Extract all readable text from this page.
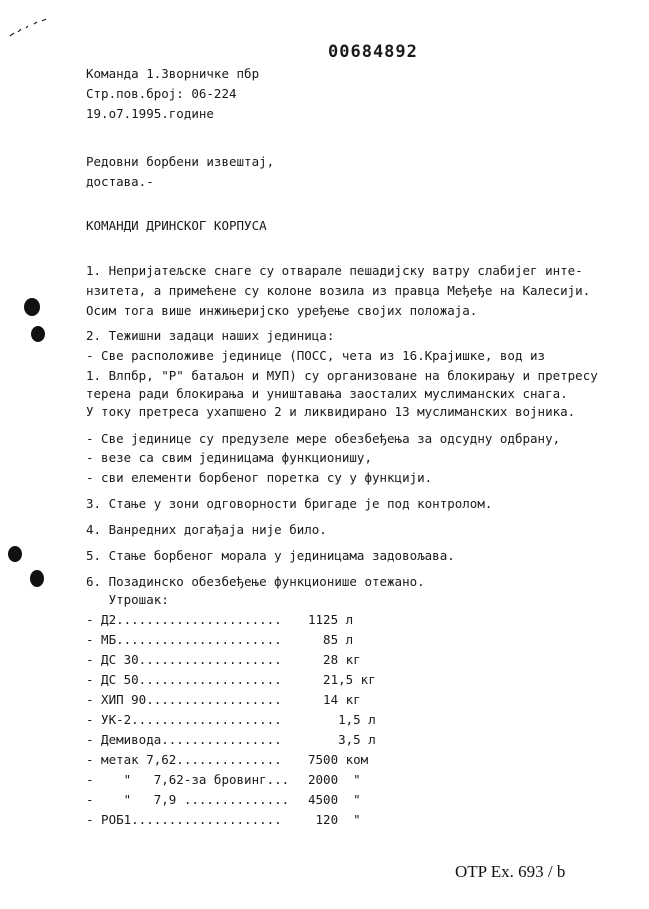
00684892
Команда 1.Зворничке пбр
Стр.пов.број: 06-224
19.о7.1995.године
Редовни борбени извештај,
достава.-
КОМАНДИ ДРИНСКОГ КОРПУСА
1. Непријатељске снаге су отварале пешадијску ватру слабијег инте-
нзитета, а примећене су колоне возила из правца Међеђе на Калесији.
Осим тога више инжињеријско уређење својих положаја.
2. Тежишни задаци наших јединица:
- Све расположиве јединице (ПОСС, чета из 16.Крајишке, вод из
1. Влпбр, "Р" батаљон и МУП) су организоване на блокирању и претресу
терена ради блокирања и уништавања заосталих муслиманских снага.
У току претреса ухапшено 2 и ликвидирано 13 муслиманских војника.
- Све јединице су предузеле мере обезбеђења за одсудну одбрану,
- везе са свим јединицама функционишу,
- сви елементи борбеног поретка су у функцији.
3. Стање у зони одговорности бригаде је под контролом.
4. Ванредних догађаја није било.
5. Стање борбеног морала у јединицама задовољава.
6. Позадинско обезбеђење функционише отежано.
Утрошак:
- Д2...................... 1125 л
- МБ...................... 85 л
- ДС 30................... 28 кг
- ДС 50................... 21,5 кг
- ХИП 90.................. 14 кг
- УК-2.................... 1,5 л
- Демивода................ 3,5 л
- метак 7,62.............. 7500 ком
-    "   7,62-за бровинг... 2000  "
-    "   7,9 .............. 4500  "
- РОБ1.................... 120  "
OTP Ex. 693 / b
